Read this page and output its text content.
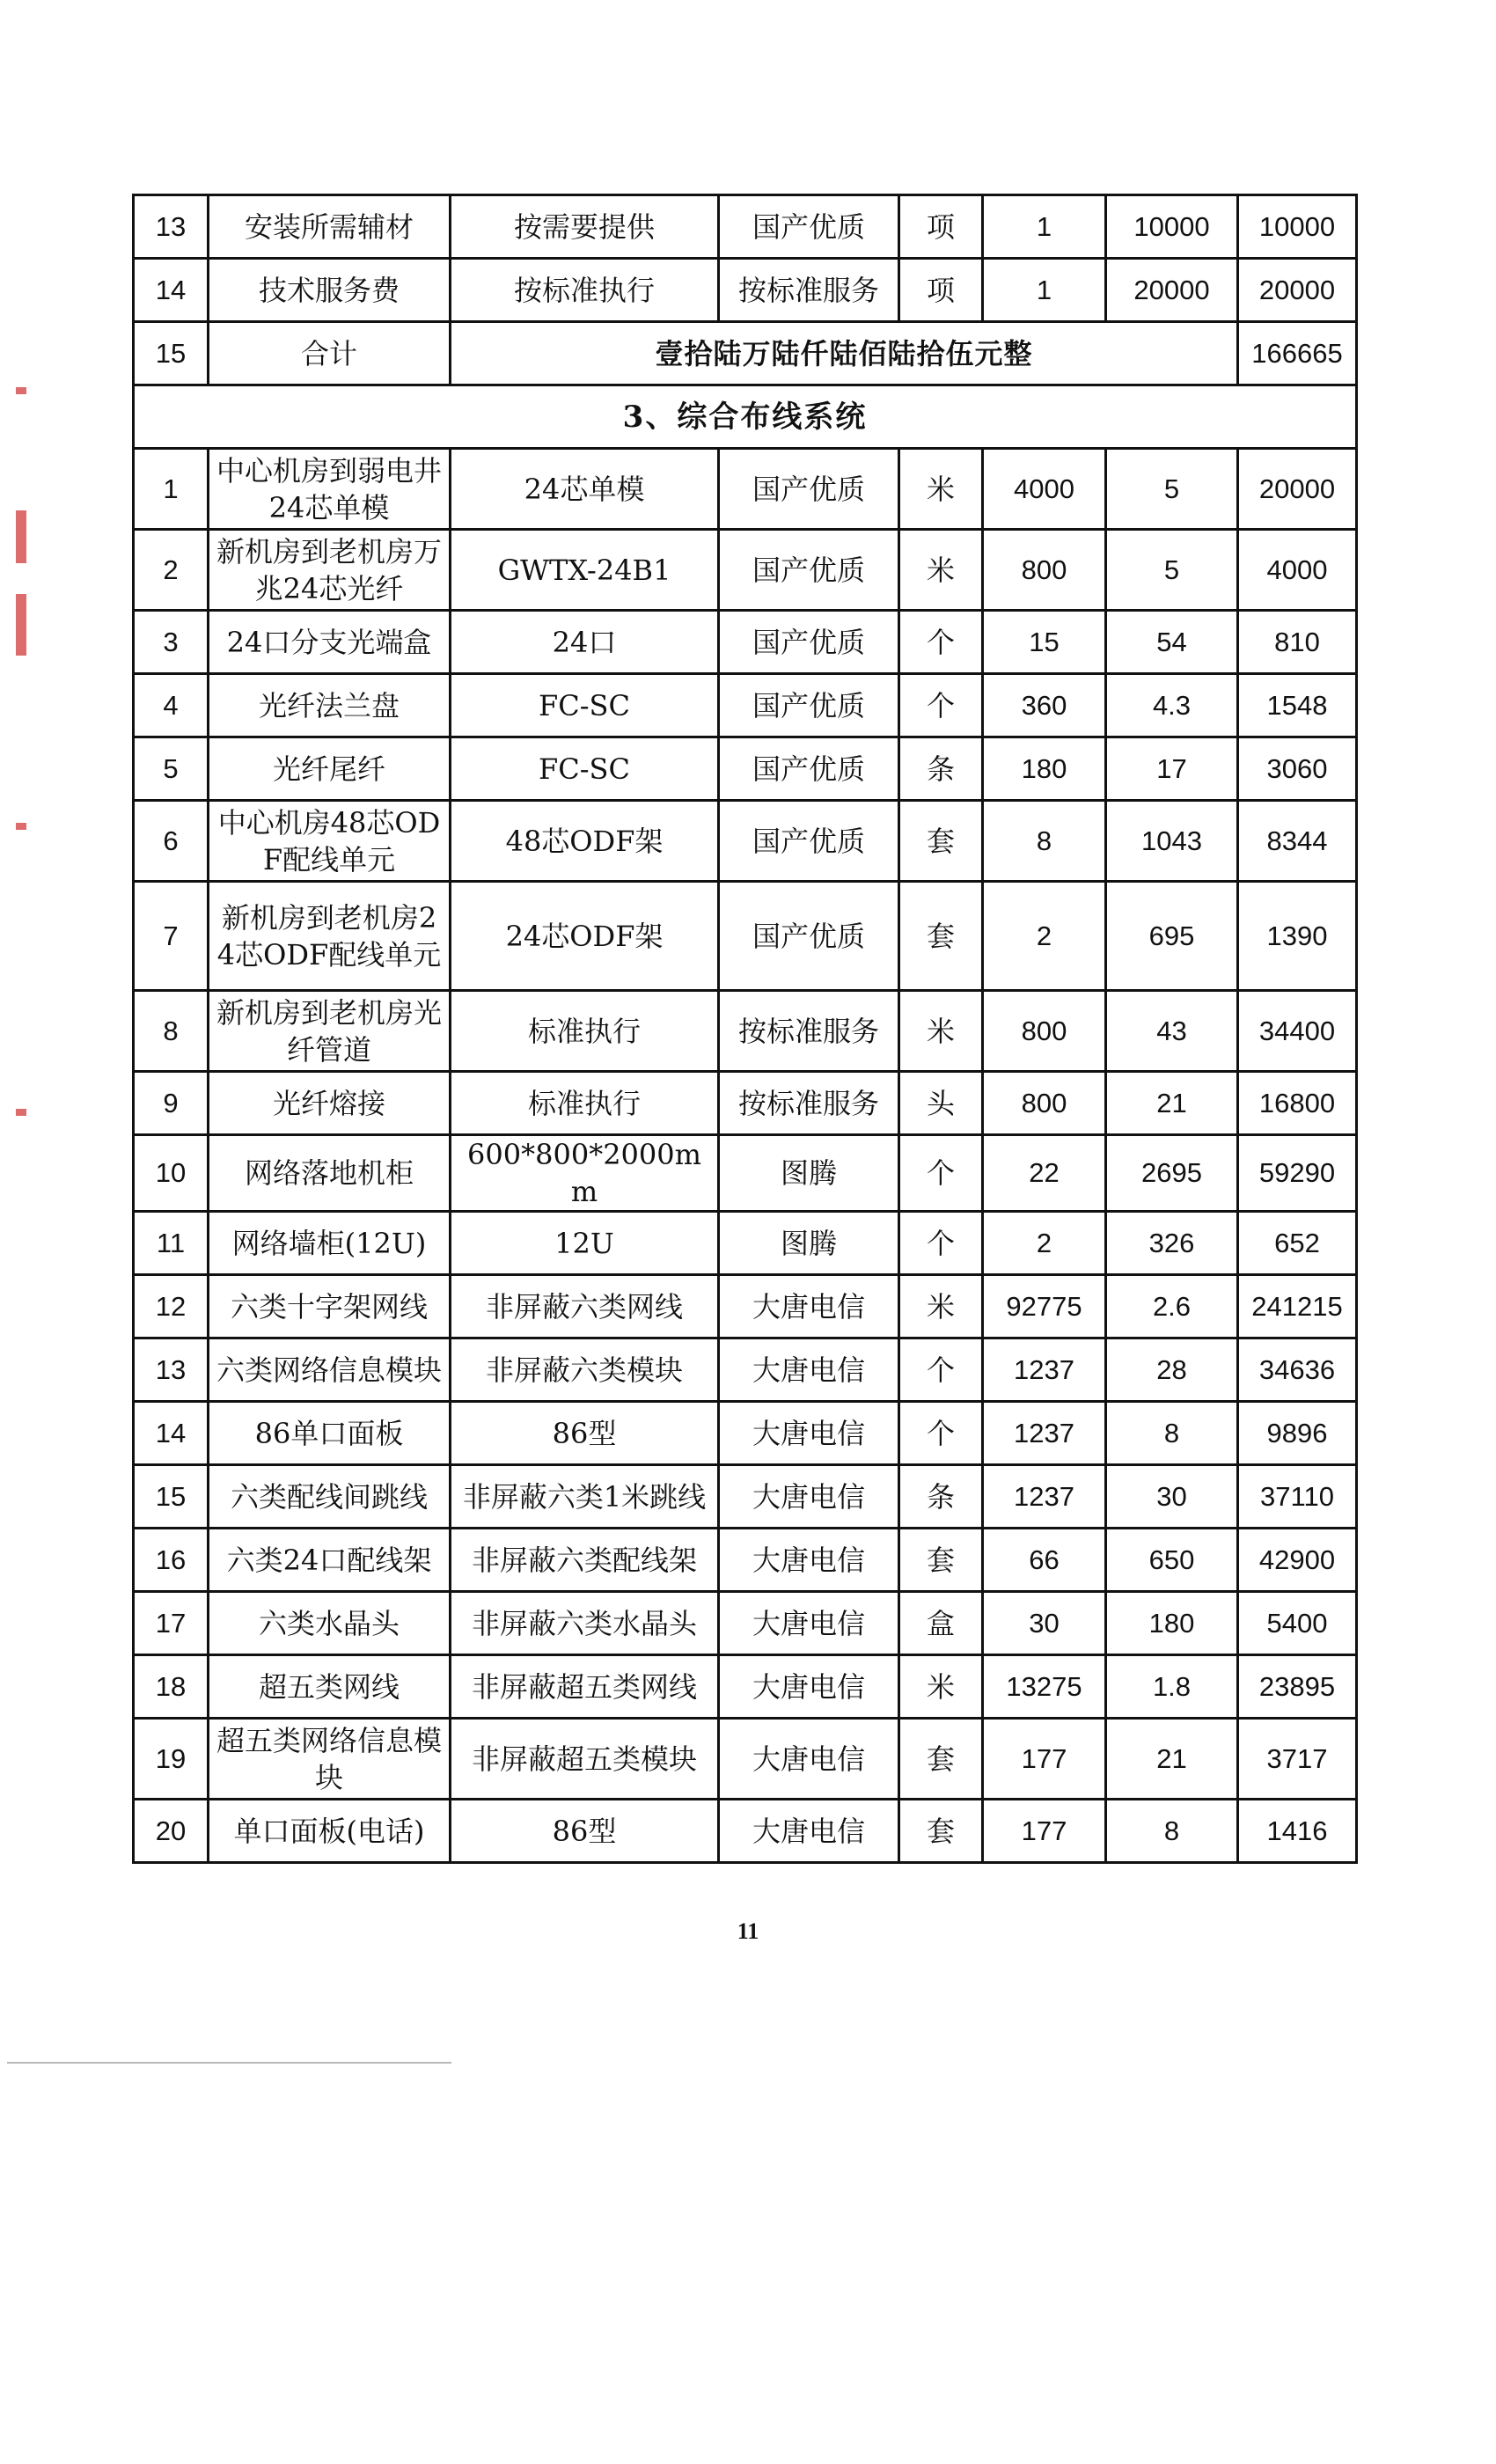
13	安装所需辅材	按需要提供	国产优质	项	1	10000	10000
14	技术服务费	按标准执行	按标准服务	项	1	20000	20000
15	合计	壹拾陆万陆仟陆佰陆拾伍元整					166665
3、综合布线系统							
1	中心机房到弱电井24芯单模	24芯单模	国产优质	米	4000	5	20000
2	新机房到老机房万兆24芯光纤	GWTX-24B1	国产优质	米	800	5	4000
3	24口分支光端盒	24口	国产优质	个	15	54	810
4	光纤法兰盘	FC-SC	国产优质	个	360	4.3	1548
5	光纤尾纤	FC-SC	国产优质	条	180	17	3060
6	中心机房48芯ODF配线单元	48芯ODF架	国产优质	套	8	1043	8344
7	新机房到老机房24芯ODF配线单元	24芯ODF架	国产优质	套	2	695	1390
8	新机房到老机房光纤管道	标准执行	按标准服务	米	800	43	34400
9	光纤熔接	标准执行	按标准服务	头	800	21	16800
10	网络落地机柜	600*800*2000mm	图腾	个	22	2695	59290
11	网络墙柜(12U)	12U	图腾	个	2	326	652
12	六类十字架网线	非屏蔽六类网线	大唐电信	米	92775	2.6	241215
13	六类网络信息模块	非屏蔽六类模块	大唐电信	个	1237	28	34636
14	86单口面板	86型	大唐电信	个	1237	8	9896
15	六类配线间跳线	非屏蔽六类1米跳线	大唐电信	条	1237	30	37110
16	六类24口配线架	非屏蔽六类配线架	大唐电信	套	66	650	42900
17	六类水晶头	非屏蔽六类水晶头	大唐电信	盒	30	180	5400
18	超五类网线	非屏蔽超五类网线	大唐电信	米	13275	1.8	23895
19	超五类网络信息模块	非屏蔽超五类模块	大唐电信	套	177	21	3717
20	单口面板(电话)	86型	大唐电信	套	177	8	1416
11
